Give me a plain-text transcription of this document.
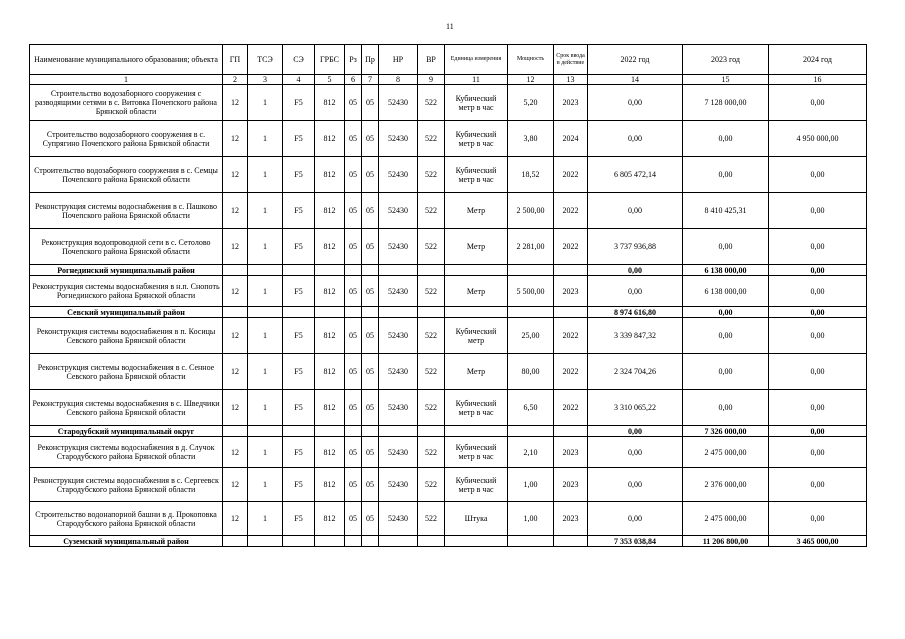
11
Наименование муниципального образования; объекта	ГП	ТСЭ	СЭ	ГРБС	Рз	Пр	НР	ВР	Единица измерения	Мощность	Срок ввода в действие	2022 год	2023 год	2024 год
1	2	3	4	5	6	7	8	9	11	12	13	14	15	16
Строительство водозаборного сооружения с разводящими сетями в с. Витовка Почепского района Брянской области	12	1	F5	812	05	05	52430	522	Кубический метр в час	5,20	2023	0,00	7 128 000,00	0,00
Строительство водозаборного сооружения в с. Супрягино Почепского района Брянской области	12	1	F5	812	05	05	52430	522	Кубический метр в час	3,80	2024	0,00	0,00	4 950 000,00
Строительство водозаборного сооружения в с. Семцы Почепского района Брянской области	12	1	F5	812	05	05	52430	522	Кубический метр в час	18,52	2022	6 805 472,14	0,00	0,00
Реконструкция системы водоснабжения в с. Пашково Почепского района Брянской области	12	1	F5	812	05	05	52430	522	Метр	2 500,00	2022	0,00	8 410 425,31	0,00
Реконструкция водопроводной сети в с. Сетолово Почепского района Брянской области	12	1	F5	812	05	05	52430	522	Метр	2 281,00	2022	3 737 936,88	0,00	0,00
Рогнединский муниципальный район												0,00	6 138 000,00	0,00
Реконструкция системы водоснабжения в н.п. Снопоть Рогнединского района Брянской области	12	1	F5	812	05	05	52430	522	Метр	5 500,00	2023	0,00	6 138 000,00	0,00
Севский муниципальный район												8 974 616,80	0,00	0,00
Реконструкция системы водоснабжения в п. Косицы Севского района Брянской области	12	1	F5	812	05	05	52430	522	Кубический метр	25,00	2022	3 339 847,32	0,00	0,00
Реконструкция системы водоснабжения в с. Сенное Севского района Брянской области	12	1	F5	812	05	05	52430	522	Метр	80,00	2022	2 324 704,26	0,00	0,00
Реконструкция системы водоснабжения в с. Шведчики Севского района Брянской области	12	1	F5	812	05	05	52430	522	Кубический метр в час	6,50	2022	3 310 065,22	0,00	0,00
Стародубский муниципальный округ												0,00	7 326 000,00	0,00
Реконструкция системы водоснабжения в д. Случок Стародубского района Брянской области	12	1	F5	812	05	05	52430	522	Кубический метр в час	2,10	2023	0,00	2 475 000,00	0,00
Реконструкция системы водоснабжения в с. Сергеевск Стародубского района Брянской области	12	1	F5	812	05	05	52430	522	Кубический метр в час	1,00	2023	0,00	2 376 000,00	0,00
Строительство водонапорной башни в д. Прокоповка Стародубского района Брянской области	12	1	F5	812	05	05	52430	522	Штука	1,00	2023	0,00	2 475 000,00	0,00
Суземский муниципальный район												7 353 038,84	11 206 800,00	3 465 000,00
